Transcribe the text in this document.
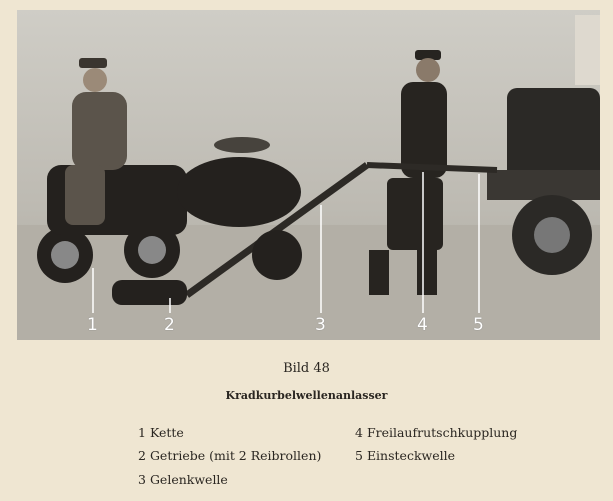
1	2	3	4	5
Bild 48
Kradkurbelwellenanlasser
1 Kette
2 Getriebe (mit 2 Reibrollen)
3 Gelenkwelle
4 Freilaufrutschkupplung
5 Einsteckwelle
